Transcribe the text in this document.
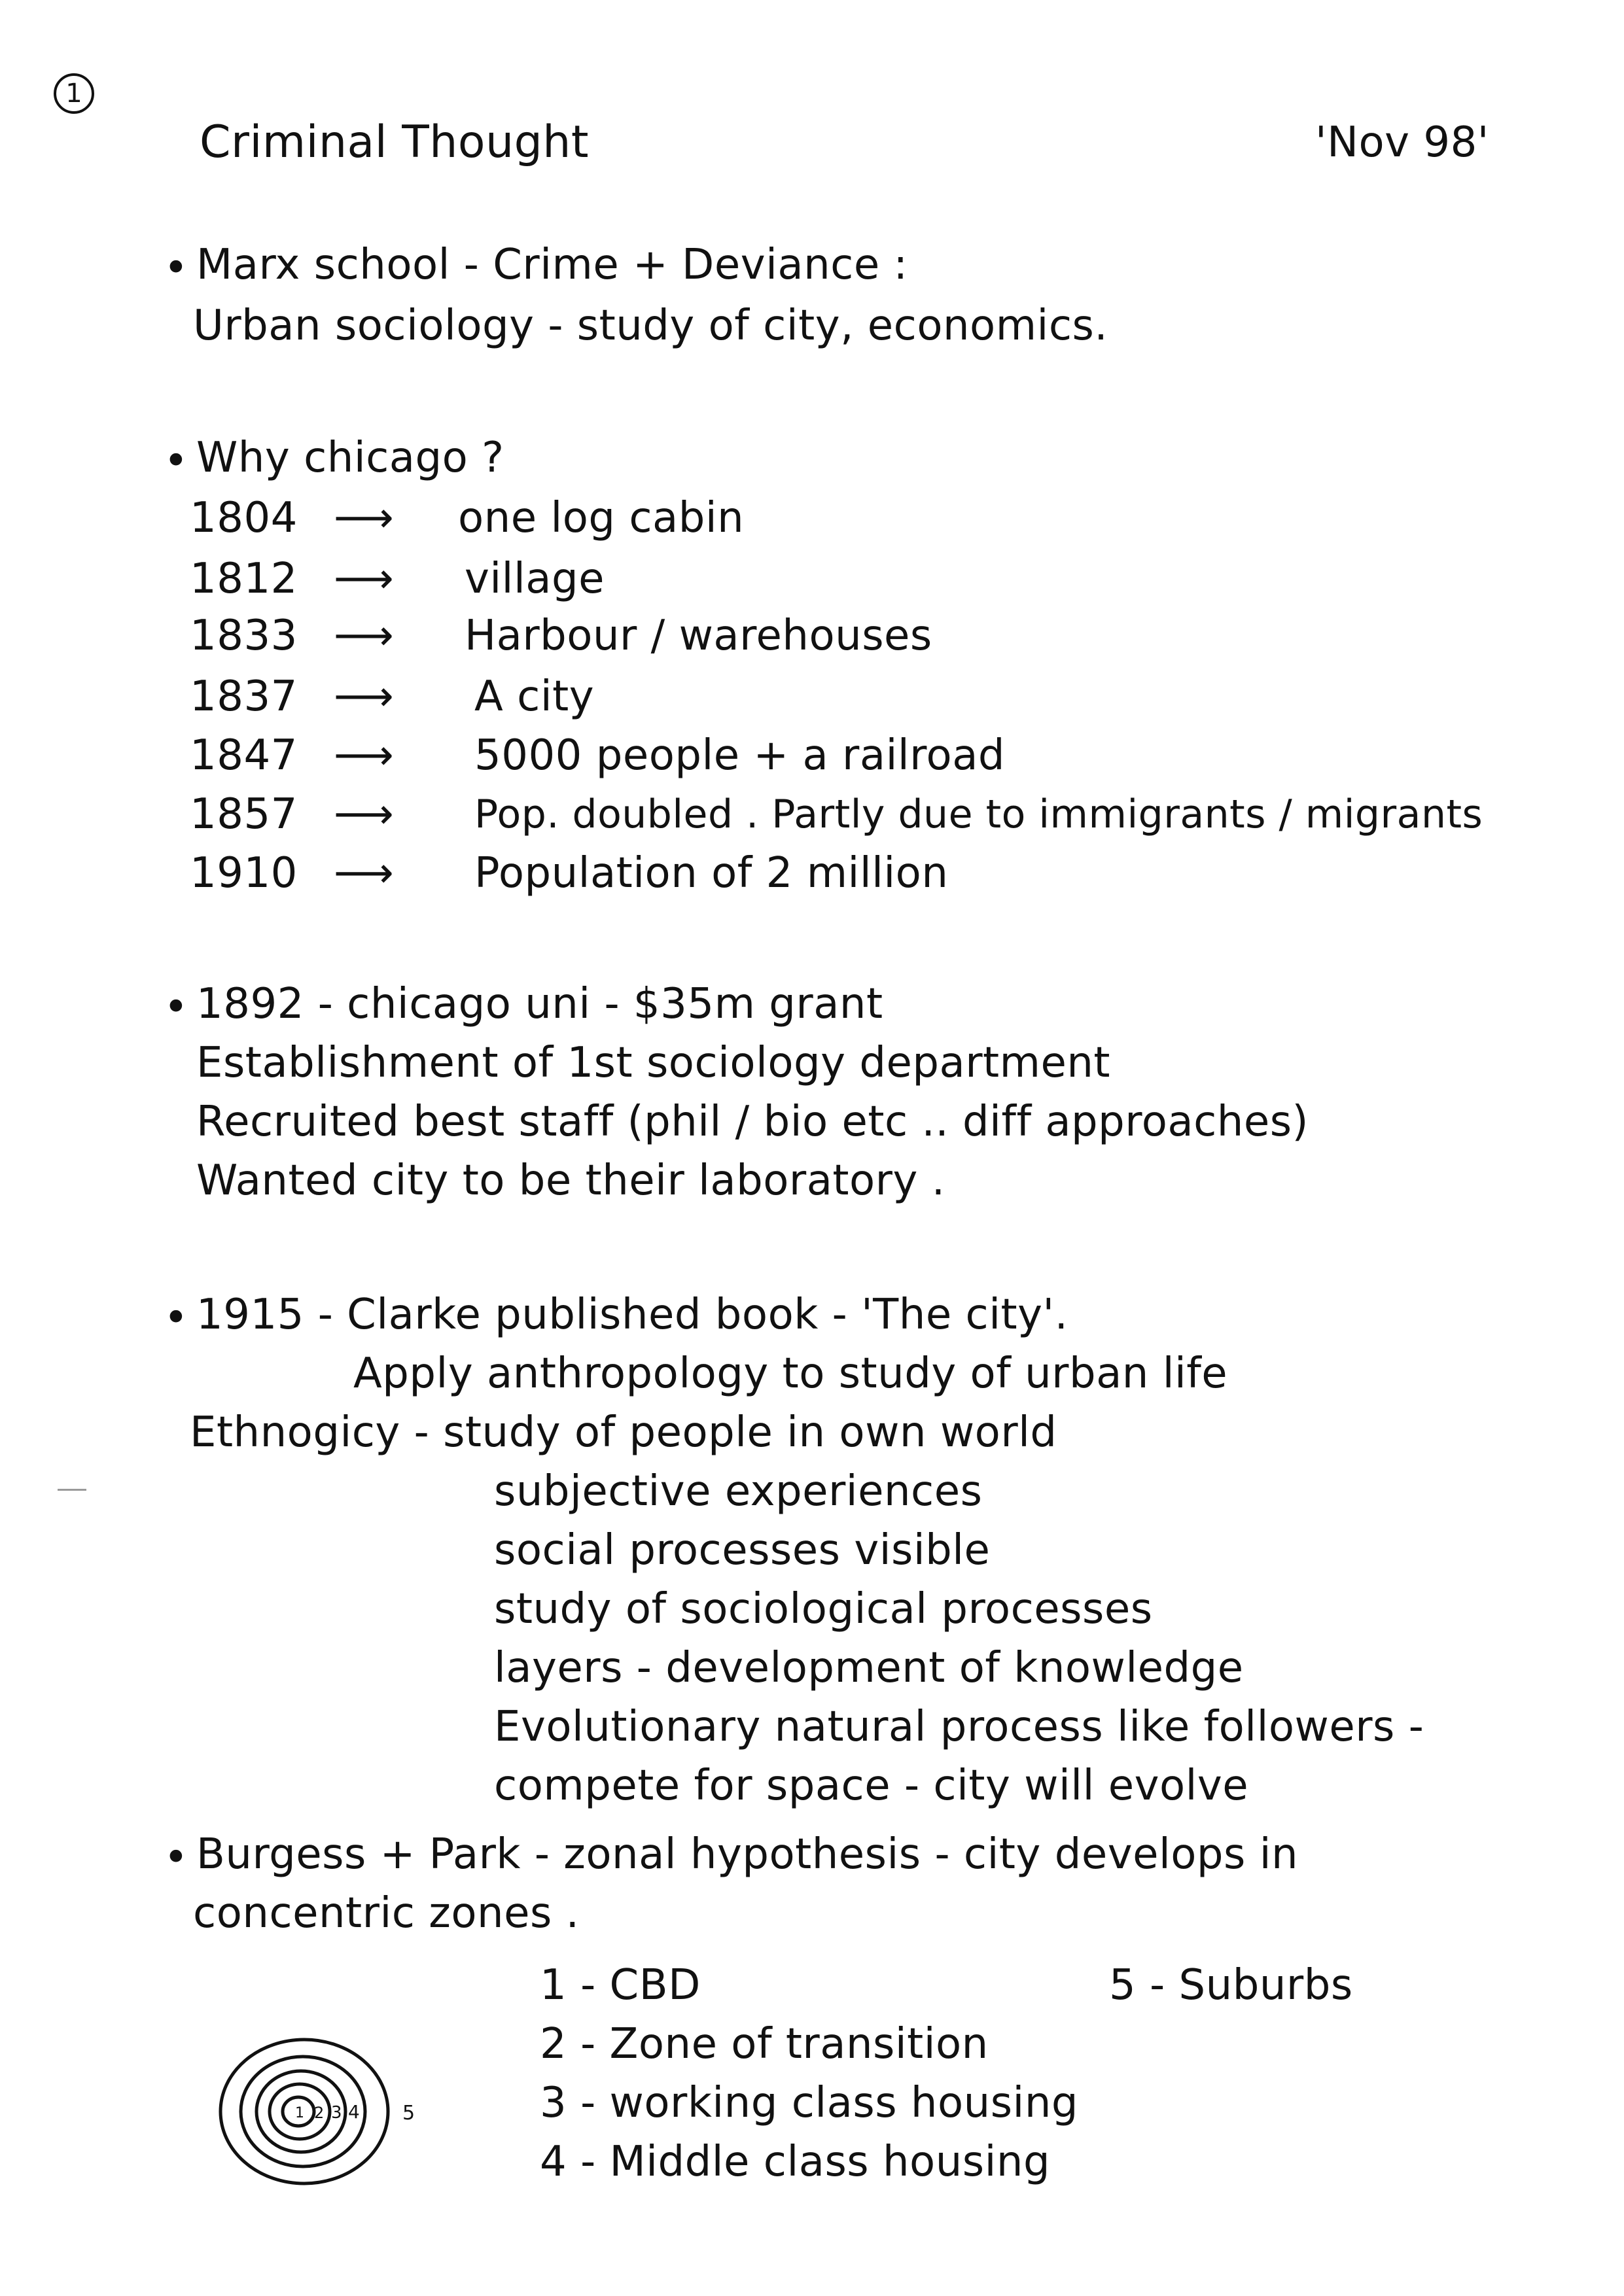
1

Criminal Thought	'Nov 98'

• Marx school - Crime + Deviance :

Urban sociology - study of city, economics.

• Why chicago ?

1804 ⟶ one log cabin

1812 ⟶ village

1833 ⟶ Harbour / warehouses

1837 ⟶ A city

1847 ⟶ 5000 people + a railroad

1857 ⟶ Pop. doubled . Partly due to immigrants / migrants

1910 ⟶ Population of 2 million

• 1892 - chicago uni - $35m grant

Establishment of 1st sociology department

Recruited best staff (phil / bio etc .. diff approaches)

Wanted city to be their laboratory .

• 1915 - Clarke published book - 'The city'.

Apply anthropology to study of urban life

Ethnogicy - study of people in own world

subjective experiences

social processes visible

study of sociological processes

layers - development of knowledge

Evolutionary natural process like followers -

compete for space - city will evolve

• Burgess + Park - zonal hypothesis - city develops in

concentric zones .

1 - CBD	5 - Suburbs

2 - Zone of transition

3 - working class housing

4 - Middle class housing

1 2 3 4 5
